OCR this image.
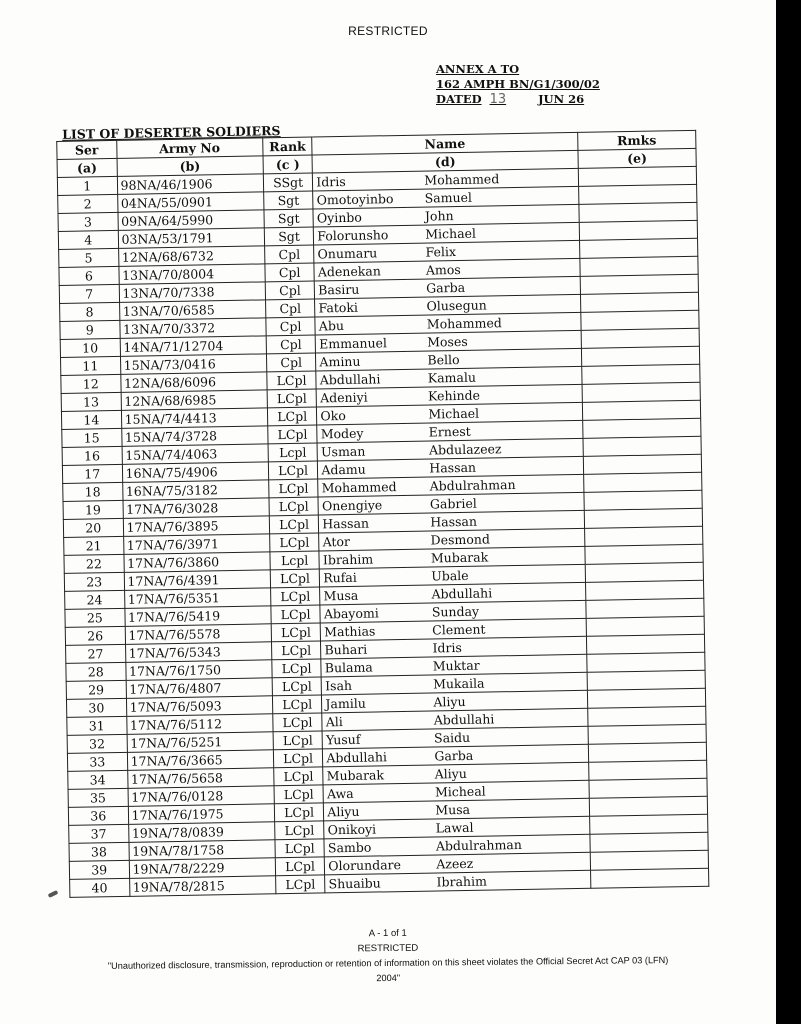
RESTRICTED
ANNEX A TO
162 AMPH BN/G1/300/02
DATED 13	JUN 26
LIST OF DESERTER SOLDIERS
Ser	Army No	Rank	Name	Rmks
(a)	(b)	(c )	(d)	(e)
1	98NA/46/1906	SSgt	Idris Mohammed	
2	04NA/55/0901	Sgt	Omotoyinbo Samuel	
3	09NA/64/5990	Sgt	Oyinbo John	
4	03NA/53/1791	Sgt	Folorunsho Michael	
5	12NA/68/6732	Cpl	Onumaru Felix	
6	13NA/70/8004	Cpl	Adenekan Amos	
7	13NA/70/7338	Cpl	Basiru Garba	
8	13NA/70/6585	Cpl	Fatoki Olusegun	
9	13NA/70/3372	Cpl	Abu Mohammed	
10	14NA/71/12704	Cpl	Emmanuel Moses	
11	15NA/73/0416	Cpl	Aminu Bello	
12	12NA/68/6096	LCpl	Abdullahi Kamalu	
13	12NA/68/6985	LCpl	Adeniyi Kehinde	
14	15NA/74/4413	LCpl	Oko Michael	
15	15NA/74/3728	LCpl	Modey Ernest	
16	15NA/74/4063	Lcpl	Usman Abdulazeez	
17	16NA/75/4906	LCpl	Adamu Hassan	
18	16NA/75/3182	LCpl	Mohammed Abdulrahman	
19	17NA/76/3028	LCpl	Onengiye Gabriel	
20	17NA/76/3895	LCpl	Hassan Hassan	
21	17NA/76/3971	LCpl	Ator Desmond	
22	17NA/76/3860	Lcpl	Ibrahim Mubarak	
23	17NA/76/4391	LCpl	Rufai Ubale	
24	17NA/76/5351	LCpl	Musa Abdullahi	
25	17NA/76/5419	LCpl	Abayomi Sunday	
26	17NA/76/5578	LCpl	Mathias Clement	
27	17NA/76/5343	LCpl	Buhari Idris	
28	17NA/76/1750	LCpl	Bulama Muktar	
29	17NA/76/4807	LCpl	Isah Mukaila	
30	17NA/76/5093	LCpl	Jamilu Aliyu	
31	17NA/76/5112	LCpl	Ali Abdullahi	
32	17NA/76/5251	LCpl	Yusuf Saidu	
33	17NA/76/3665	LCpl	Abdullahi Garba	
34	17NA/76/5658	LCpl	Mubarak Aliyu	
35	17NA/76/0128	LCpl	Awa Micheal	
36	17NA/76/1975	LCpl	Aliyu Musa	
37	19NA/78/0839	LCpl	Onikoyi Lawal	
38	19NA/78/1758	LCpl	Sambo Abdulrahman	
39	19NA/78/2229	LCpl	Olorundare Azeez	
40	19NA/78/2815	LCpl	Shuaibu Ibrahim	
A - 1 of 1
RESTRICTED
"Unauthorized disclosure, transmission, reproduction or retention of information on this sheet violates the Official Secret Act CAP 03 (LFN)
2004"
